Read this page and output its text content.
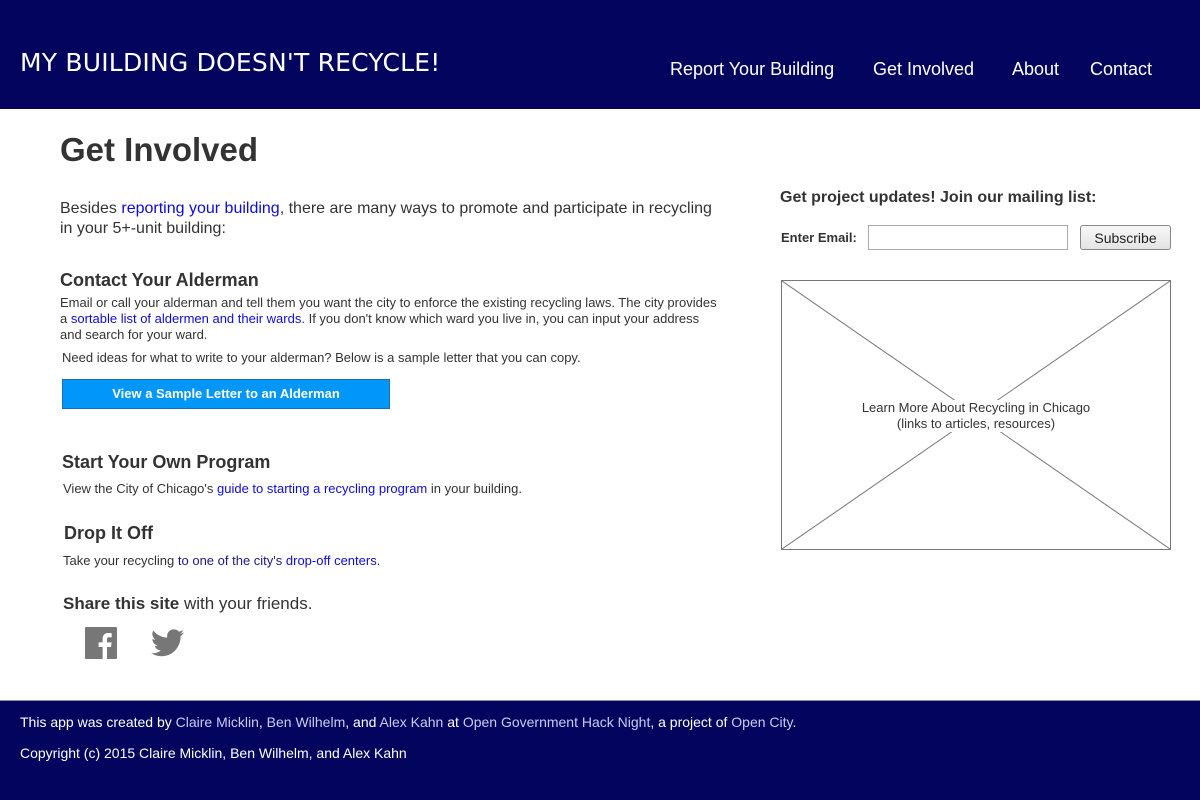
MY BUILDING DOESN'T RECYCLE!	Report Your Building Get Involved About Contact
Get Involved

Besides reporting your building, there are many ways to promote and participate in recycling in your 5+-unit building:

Contact Your Alderman

Email or call your alderman and tell them you want the city to enforce the existing recycling laws. The city provides a sortable list of aldermen and their wards. If you don't know which ward you live in, you can input your address and search for your ward.

Need ideas for what to write to your alderman? Below is a sample letter that you can copy.

View a Sample Letter to an Alderman
Start Your Own Program

View the City of Chicago's guide to starting a recycling program in your building.

Drop It Off

Take your recycling to one of the city's drop-off centers.

Share this site with your friends.
Get project updates! Join our mailing list:
Enter Email:	Subscribe
Learn More About Recycling in Chicago
(links to articles, resources)
This app was created by Claire Micklin, Ben Wilhelm, and Alex Kahn at Open Government Hack Night, a project of Open City.
Copyright (c) 2015 Claire Micklin, Ben Wilhelm, and Alex Kahn
